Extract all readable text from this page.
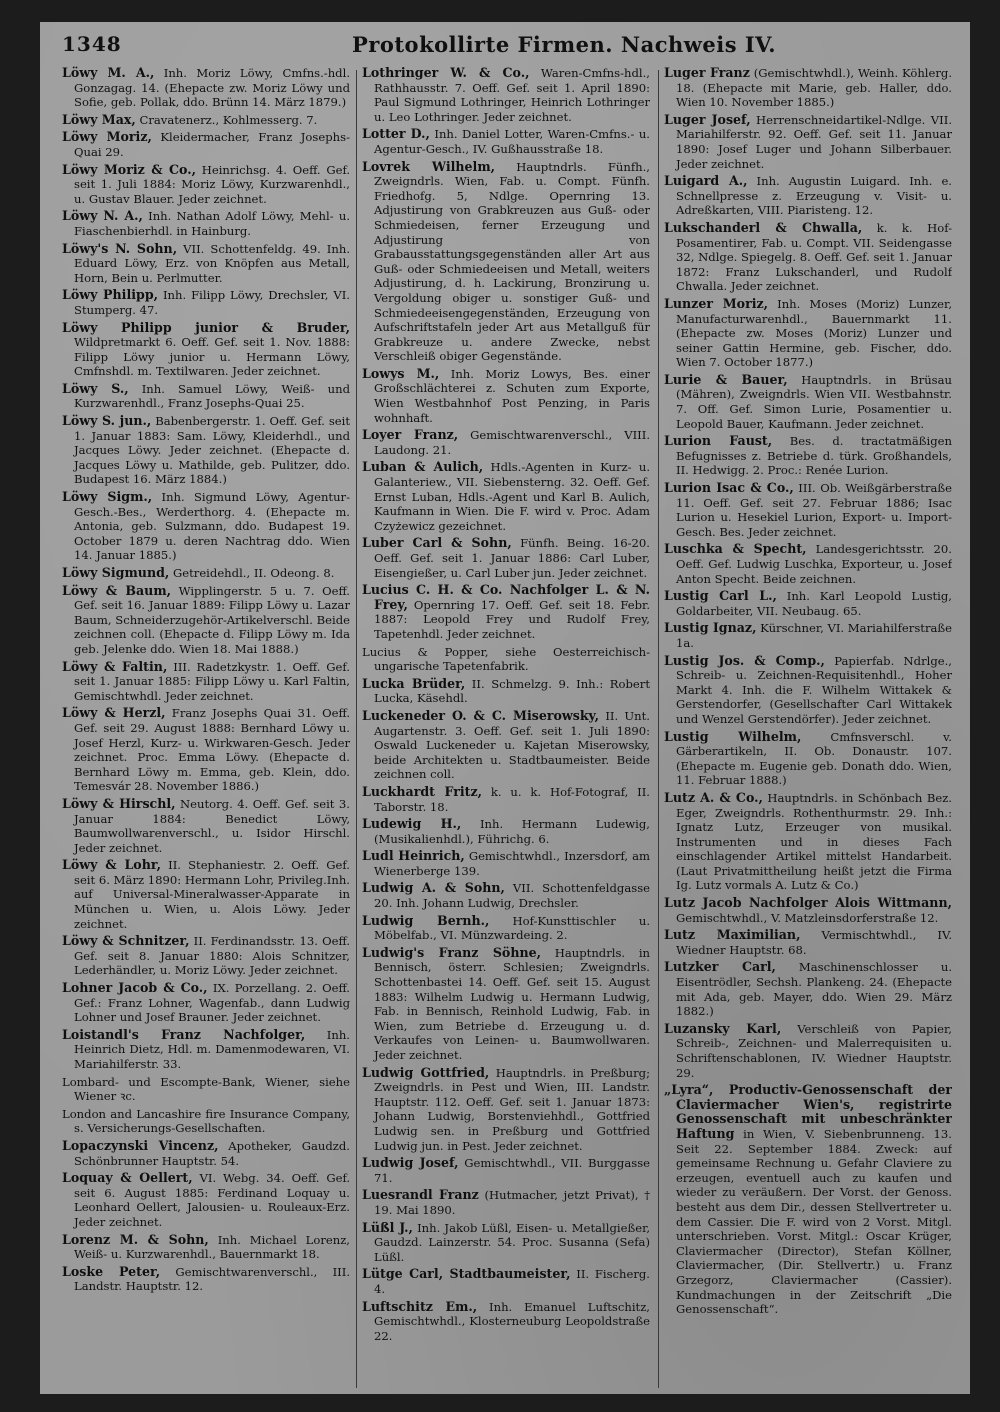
1348	Protokollirte Firmen. Nachweis IV.

Löwy M. A., Inh. Moriz Löwy, Cmfns.-hdl. Gonzagag. 14. (Ehepacte zw. Moriz Löwy und Sofie, geb. Pollak, ddo. Brünn 14. März 1879.)

Löwy Max, Cravatenerz., Kohlmesserg. 7.

Löwy Moriz, Kleidermacher, Franz Josephs-Quai 29.

Löwy Moriz & Co., Heinrichsg. 4. Oeff. Gef. seit 1. Juli 1884: Moriz Löwy, Kurzwarenhdl., u. Gustav Blauer. Jeder zeichnet.

Löwy N. A., Inh. Nathan Adolf Löwy, Mehl- u. Fiaschenbierhdl. in Hainburg.

Löwy's N. Sohn, VII. Schottenfeldg. 49. Inh. Eduard Löwy, Erz. von Knöpfen aus Metall, Horn, Bein u. Perlmutter.

Löwy Philipp, Inh. Filipp Löwy, Drechsler, VI. Stumperg. 47.

Löwy Philipp junior & Bruder, Wildpretmarkt 6. Oeff. Gef. seit 1. Nov. 1888: Filipp Löwy junior u. Hermann Löwy, Cmfnshdl. m. Textilwaren. Jeder zeichnet.

Löwy S., Inh. Samuel Löwy, Weiß- und Kurzwarenhdl., Franz Josephs-Quai 25.

Löwy S. jun., Babenbergerstr. 1. Oeff. Gef. seit 1. Januar 1883: Sam. Löwy, Kleiderhdl., und Jacques Löwy. Jeder zeichnet. (Ehepacte d. Jacques Löwy u. Mathilde, geb. Pulitzer, ddo. Budapest 16. März 1884.)

Löwy Sigm., Inh. Sigmund Löwy, Agentur-Gesch.-Bes., Werderthorg. 4. (Ehepacte m. Antonia, geb. Sulzmann, ddo. Budapest 19. October 1879 u. deren Nachtrag ddo. Wien 14. Januar 1885.)

Löwy Sigmund, Getreidehdl., II. Odeong. 8.

Löwy & Baum, Wipplingerstr. 5 u. 7. Oeff. Gef. seit 16. Januar 1889: Filipp Löwy u. Lazar Baum, Schneiderzugehör-Artikelverschl. Beide zeichnen coll. (Ehepacte d. Filipp Löwy m. Ida geb. Jelenke ddo. Wien 18. Mai 1888.)

Löwy & Faltin, III. Radetzkystr. 1. Oeff. Gef. seit 1. Januar 1885: Filipp Löwy u. Karl Faltin, Gemischtwhdl. Jeder zeichnet.

Löwy & Herzl, Franz Josephs Quai 31. Oeff. Gef. seit 29. August 1888: Bernhard Löwy u. Josef Herzl, Kurz- u. Wirkwaren-Gesch. Jeder zeichnet. Proc. Emma Löwy. (Ehepacte d. Bernhard Löwy m. Emma, geb. Klein, ddo. Temesvár 28. November 1886.)

Löwy & Hirschl, Neutorg. 4. Oeff. Gef. seit 3. Januar 1884: Benedict Löwy, Baumwollwarenverschl., u. Isidor Hirschl. Jeder zeichnet.

Löwy & Lohr, II. Stephaniestr. 2. Oeff. Gef. seit 6. März 1890: Hermann Lohr, Privileg.Inh. auf Universal-Mineralwasser-Apparate in München u. Wien, u. Alois Löwy. Jeder zeichnet.

Löwy & Schnitzer, II. Ferdinandsstr. 13. Oeff. Gef. seit 8. Januar 1880: Alois Schnitzer, Lederhändler, u. Moriz Löwy. Jeder zeichnet.

Lohner Jacob & Co., IX. Porzellang. 2. Oeff. Gef.: Franz Lohner, Wagenfab., dann Ludwig Lohner und Josef Brauner. Jeder zeichnet.

Loistandl's Franz Nachfolger, Inh. Heinrich Dietz, Hdl. m. Damenmodewaren, VI. Mariahilferstr. 33.

Lombard- und Escompte-Bank, Wiener, siehe Wiener ꝛc.

London and Lancashire fire Insurance Company, s. Versicherungs-Gesellschaften.

Lopaczynski Vincenz, Apotheker, Gaudzd. Schönbrunner Hauptstr. 54.

Loquay & Oellert, VI. Webg. 34. Oeff. Gef. seit 6. August 1885: Ferdinand Loquay u. Leonhard Oellert, Jalousien- u. Rouleaux-Erz. Jeder zeichnet.

Lorenz M. & Sohn, Inh. Michael Lorenz, Weiß- u. Kurzwarenhdl., Bauernmarkt 18.

Loske Peter, Gemischtwarenverschl., III. Landstr. Hauptstr. 12.

Lothringer W. & Co., Waren-Cmfns-hdl., Rathhausstr. 7. Oeff. Gef. seit 1. April 1890: Paul Sigmund Lothringer, Heinrich Lothringer u. Leo Lothringer. Jeder zeichnet.

Lotter D., Inh. Daniel Lotter, Waren-Cmfns.- u. Agentur-Gesch., IV. Gußhausstraße 18.

Lovrek Wilhelm, Hauptndrls. Fünfh., Zweigndrls. Wien, Fab. u. Compt. Fünfh. Friedhofg. 5, Ndlge. Opernring 13. Adjustirung von Grabkreuzen aus Guß- oder Schmiedeisen, ferner Erzeugung und Adjustirung von Grabausstattungsgegenständen aller Art aus Guß- oder Schmiedeeisen und Metall, weiters Adjustirung, d. h. Lackirung, Bronzirung u. Vergoldung obiger u. sonstiger Guß- und Schmiedeeisengegenständen, Erzeugung von Aufschriftstafeln jeder Art aus Metallguß für Grabkreuze u. andere Zwecke, nebst Verschleiß obiger Gegenstände.

Lowys M., Inh. Moriz Lowys, Bes. einer Großschlächterei z. Schuten zum Exporte, Wien Westbahnhof Post Penzing, in Paris wohnhaft.

Loyer Franz, Gemischtwarenverschl., VIII. Laudong. 21.

Luban & Aulich, Hdls.-Agenten in Kurz- u. Galanteriew., VII. Siebensterng. 32. Oeff. Gef. Ernst Luban, Hdls.-Agent und Karl B. Aulich, Kaufmann in Wien. Die F. wird v. Proc. Adam Czyżewicz gezeichnet.

Luber Carl & Sohn, Fünfh. Being. 16-20. Oeff. Gef. seit 1. Januar 1886: Carl Luber, Eisengießer, u. Carl Luber jun. Jeder zeichnet.

Lucius C. H. & Co. Nachfolger L. & N. Frey, Opernring 17. Oeff. Gef. seit 18. Febr. 1887: Leopold Frey und Rudolf Frey, Tapetenhdl. Jeder zeichnet.

Lucius & Popper, siehe Oesterreichisch-ungarische Tapetenfabrik.

Lucka Brüder, II. Schmelzg. 9. Inh.: Robert Lucka, Käsehdl.

Luckeneder O. & C. Miserowsky, II. Unt. Augartenstr. 3. Oeff. Gef. seit 1. Juli 1890: Oswald Luckeneder u. Kajetan Miserowsky, beide Architekten u. Stadtbaumeister. Beide zeichnen coll.

Luckhardt Fritz, k. u. k. Hof-Fotograf, II. Taborstr. 18.

Ludewig H., Inh. Hermann Ludewig, (Musikalienhdl.), Führichg. 6.

Ludl Heinrich, Gemischtwhdl., Inzersdorf, am Wienerberge 139.

Ludwig A. & Sohn, VII. Schottenfeldgasse 20. Inh. Johann Ludwig, Drechsler.

Ludwig Bernh., Hof-Kunsttischler u. Möbelfab., VI. Münzwardeing. 2.

Ludwig's Franz Söhne, Hauptndrls. in Bennisch, österr. Schlesien; Zweigndrls. Schottenbastei 14. Oeff. Gef. seit 15. August 1883: Wilhelm Ludwig u. Hermann Ludwig, Fab. in Bennisch, Reinhold Ludwig, Fab. in Wien, zum Betriebe d. Erzeugung u. d. Verkaufes von Leinen- u. Baumwollwaren. Jeder zeichnet.

Ludwig Gottfried, Hauptndrls. in Preßburg; Zweigndrls. in Pest und Wien, III. Landstr. Hauptstr. 112. Oeff. Gef. seit 1. Januar 1873: Johann Ludwig, Borstenviehhdl., Gottfried Ludwig sen. in Preßburg und Gottfried Ludwig jun. in Pest. Jeder zeichnet.

Ludwig Josef, Gemischtwhdl., VII. Burggasse 71.

Luesrandl Franz (Hutmacher, jetzt Privat), † 19. Mai 1890.

Lüßl J., Inh. Jakob Lüßl, Eisen- u. Metallgießer, Gaudzd. Lainzerstr. 54. Proc. Susanna (Sefa) Lüßl.

Lütge Carl, Stadtbaumeister, II. Fischerg. 4.

Luftschitz Em., Inh. Emanuel Luftschitz, Gemischtwhdl., Klosterneuburg Leopoldstraße 22.

Luger Franz (Gemischtwhdl.), Weinh. Köhlerg. 18. (Ehepacte mit Marie, geb. Haller, ddo. Wien 10. November 1885.)

Luger Josef, Herrenschneidartikel-Ndlge. VII. Mariahilferstr. 92. Oeff. Gef. seit 11. Januar 1890: Josef Luger und Johann Silberbauer. Jeder zeichnet.

Luigard A., Inh. Augustin Luigard. Inh. e. Schnellpresse z. Erzeugung v. Visit- u. Adreßkarten, VIII. Piaristeng. 12.

Lukschanderl & Chwalla, k. k. Hof-Posamentirer, Fab. u. Compt. VII. Seidengasse 32, Ndlge. Spiegelg. 8. Oeff. Gef. seit 1. Januar 1872: Franz Lukschanderl, und Rudolf Chwalla. Jeder zeichnet.

Lunzer Moriz, Inh. Moses (Moriz) Lunzer, Manufacturwarenhdl., Bauernmarkt 11. (Ehepacte zw. Moses (Moriz) Lunzer und seiner Gattin Hermine, geb. Fischer, ddo. Wien 7. October 1877.)

Lurie & Bauer, Hauptndrls. in Brüsau (Mähren), Zweigndrls. Wien VII. Westbahnstr. 7. Off. Gef. Simon Lurie, Posamentier u. Leopold Bauer, Kaufmann. Jeder zeichnet.

Lurion Faust, Bes. d. tractatmäßigen Befugnisses z. Betriebe d. türk. Großhandels, II. Hedwigg. 2. Proc.: Renée Lurion.

Lurion Isac & Co., III. Ob. Weißgärberstraße 11. Oeff. Gef. seit 27. Februar 1886; Isac Lurion u. Hesekiel Lurion, Export- u. Import-Gesch. Bes. Jeder zeichnet.

Luschka & Specht, Landesgerichtsstr. 20. Oeff. Gef. Ludwig Luschka, Exporteur, u. Josef Anton Specht. Beide zeichnen.

Lustig Carl L., Inh. Karl Leopold Lustig, Goldarbeiter, VII. Neubaug. 65.

Lustig Ignaz, Kürschner, VI. Mariahilferstraße 1a.

Lustig Jos. & Comp., Papierfab. Ndrlge., Schreib- u. Zeichnen-Requisitenhdl., Hoher Markt 4. Inh. die F. Wilhelm Wittakek & Gerstendorfer, (Gesellschafter Carl Wittakek und Wenzel Gerstendörfer). Jeder zeichnet.

Lustig Wilhelm, Cmfnsverschl. v. Gärberartikeln, II. Ob. Donaustr. 107. (Ehepacte m. Eugenie geb. Donath ddo. Wien, 11. Februar 1888.)

Lutz A. & Co., Hauptndrls. in Schönbach Bez. Eger, Zweigndrls. Rothenthurmstr. 29. Inh.: Ignatz Lutz, Erzeuger von musikal. Instrumenten und in dieses Fach einschlagender Artikel mittelst Handarbeit. (Laut Privatmittheilung heißt jetzt die Firma Ig. Lutz vormals A. Lutz & Co.)

Lutz Jacob Nachfolger Alois Wittmann, Gemischtwhdl., V. Matzleinsdorferstraße 12.

Lutz Maximilian, Vermischtwhdl., IV. Wiedner Hauptstr. 68.

Lutzker Carl, Maschinenschlosser u. Eisentrödler, Sechsh. Plankeng. 24. (Ehepacte mit Ada, geb. Mayer, ddo. Wien 29. März 1882.)

Luzansky Karl, Verschleiß von Papier, Schreib-, Zeichnen- und Malerrequisiten u. Schriftenschablonen, IV. Wiedner Hauptstr. 29.

„Lyra“, Productiv-Genossenschaft der Claviermacher Wien's, registrirte Genossenschaft mit unbeschränkter Haftung in Wien, V. Siebenbrunneng. 13. Seit 22. September 1884. Zweck: auf gemeinsame Rechnung u. Gefahr Claviere zu erzeugen, eventuell auch zu kaufen und wieder zu veräußern. Der Vorst. der Genoss. besteht aus dem Dir., dessen Stellvertreter u. dem Cassier. Die F. wird von 2 Vorst. Mitgl. unterschrieben. Vorst. Mitgl.: Oscar Krüger, Claviermacher (Director), Stefan Köllner, Claviermacher, (Dir. Stellvertr.) u. Franz Grzegorz, Claviermacher (Cassier). Kundmachungen in der Zeitschrift „Die Genossenschaft“.
